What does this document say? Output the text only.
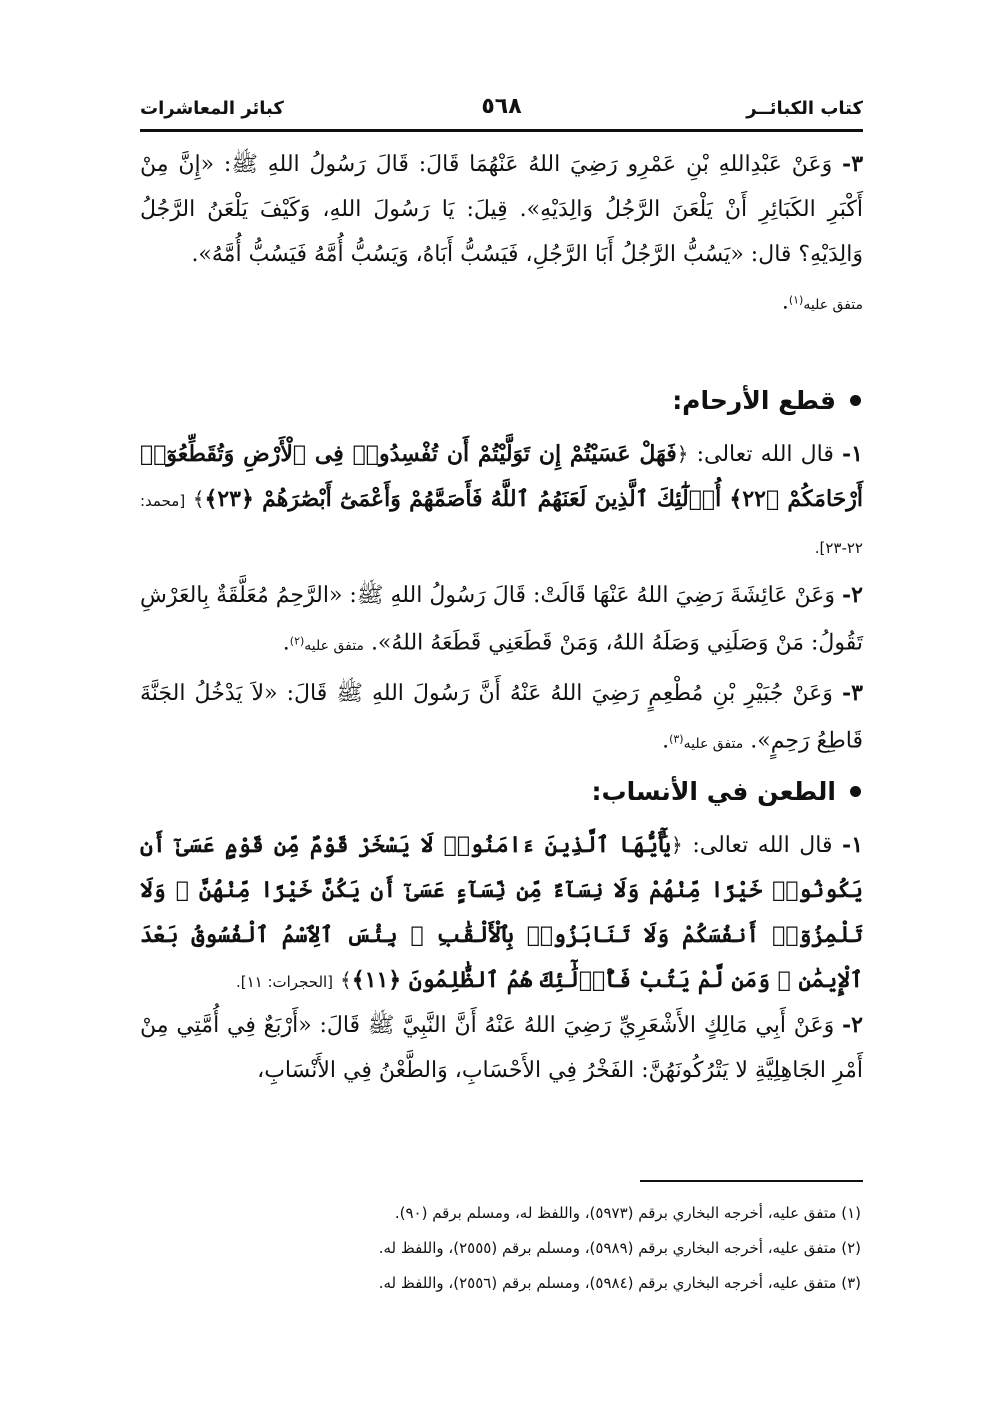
كتاب الكبائــر
٥٦٨
كبائر المعاشرات

٣- وَعَنْ عَبْدِاللهِ بْنِ عَمْرِو رَضِيَ اللهُ عَنْهُمَا قَالَ: قَالَ رَسُولُ اللهِ ﷺ: «إِنَّ مِنْ أَكْبَرِ الكَبَائِرِ أَنْ يَلْعَنَ الرَّجُلُ وَالِدَيْهِ». قِيلَ: يَا رَسُولَ اللهِ، وَكَيْفَ يَلْعَنُ الرَّجُلُ وَالِدَيْهِ؟ قال: «يَسُبُّ الرَّجُلُ أَبَا الرَّجُلِ، فَيَسُبُّ أَبَاهُ، وَيَسُبُّ أُمَّهُ فَيَسُبُّ أُمَّهُ».
متفق عليه$^{(١)}$.

قطع الأرحام:

١- قال الله تعالى: ﴿فَهَلْ عَسَيْتُمْ إِن تَوَلَّيْتُمْ أَن تُفْسِدُوا۟ فِى ٱلْأَرْضِ وَتُقَطِّعُوٓا۟ أَرْحَامَكُمْ ﴿٢٢﴾ أُو۟لَٰٓئِكَ ٱلَّذِينَ لَعَنَهُمُ ٱللَّهُ فَأَصَمَّهُمْ وَأَعْمَىٰٓ أَبْصَٰرَهُمْ ﴿٢٣﴾﴾ [محمد: ٢٢-٢٣].

٢- وَعَنْ عَائِشَةَ رَضِيَ اللهُ عَنْهَا قَالَتْ: قَالَ رَسُولُ اللهِ ﷺ: «الرَّحِمُ مُعَلَّقَةٌ بِالعَرْشِ تَقُولُ: مَنْ وَصَلَنِي وَصَلَهُ اللهُ، وَمَنْ قَطَعَنِي قَطَعَهُ اللهُ». متفق عليه$^{(٢)}$.

٣- وَعَنْ جُبَيْرِ بْنِ مُطْعِمٍ رَضِيَ اللهُ عَنْهُ أَنَّ رَسُولَ اللهِ ﷺ قَالَ: «لاَ يَدْخُلُ الجَنَّةَ قَاطِعُ رَحِمٍ». متفق عليه$^{(٣)}$.

الطعن في الأنساب:

١- قال الله تعالى: ﴿يَٰٓأَيُّهَا ٱلَّذِينَ ءَامَنُوا۟ لَا يَسْخَرْ قَوْمٌ مِّن قَوْمٍ عَسَىٰٓ أَن يَكُونُوا۟ خَيْرًا مِّنْهُمْ وَلَا نِسَآءٌ مِّن نِّسَآءٍ عَسَىٰٓ أَن يَكُنَّ خَيْرًا مِّنْهُنَّ ۖ وَلَا تَلْمِزُوٓا۟ أَنفُسَكُمْ وَلَا تَنَابَزُوا۟ بِٱلْأَلْقَٰبِ ۖ بِئْسَ ٱلِٱسْمُ ٱلْفُسُوقُ بَعْدَ ٱلْإِيمَٰنِ ۚ وَمَن لَّمْ يَتُبْ فَأُو۟لَٰٓئِكَ هُمُ ٱلظَّٰلِمُونَ ﴿١١﴾﴾ [الحجرات: ١١].

٢- وَعَنْ أَبِي مَالِكٍ الأَشْعَرِيِّ رَضِيَ اللهُ عَنْهُ أَنَّ النَّبِيَّ ﷺ قَالَ: «أَرْبَعٌ فِي أُمَّتِي مِنْ أَمْرِ الجَاهِلِيَّةِ لا يَتْرُكُونَهُنَّ: الفَخْرُ فِي الأَحْسَابِ، وَالطَّعْنُ فِي الأَنْسَابِ،

(١) متفق عليه، أخرجه البخاري برقم (٥٩٧٣)، واللفظ له، ومسلم برقم (٩٠).
(٢) متفق عليه، أخرجه البخاري برقم (٥٩٨٩)، ومسلم برقم (٢٥٥٥)، واللفظ له.
(٣) متفق عليه، أخرجه البخاري برقم (٥٩٨٤)، ومسلم برقم (٢٥٥٦)، واللفظ له.
